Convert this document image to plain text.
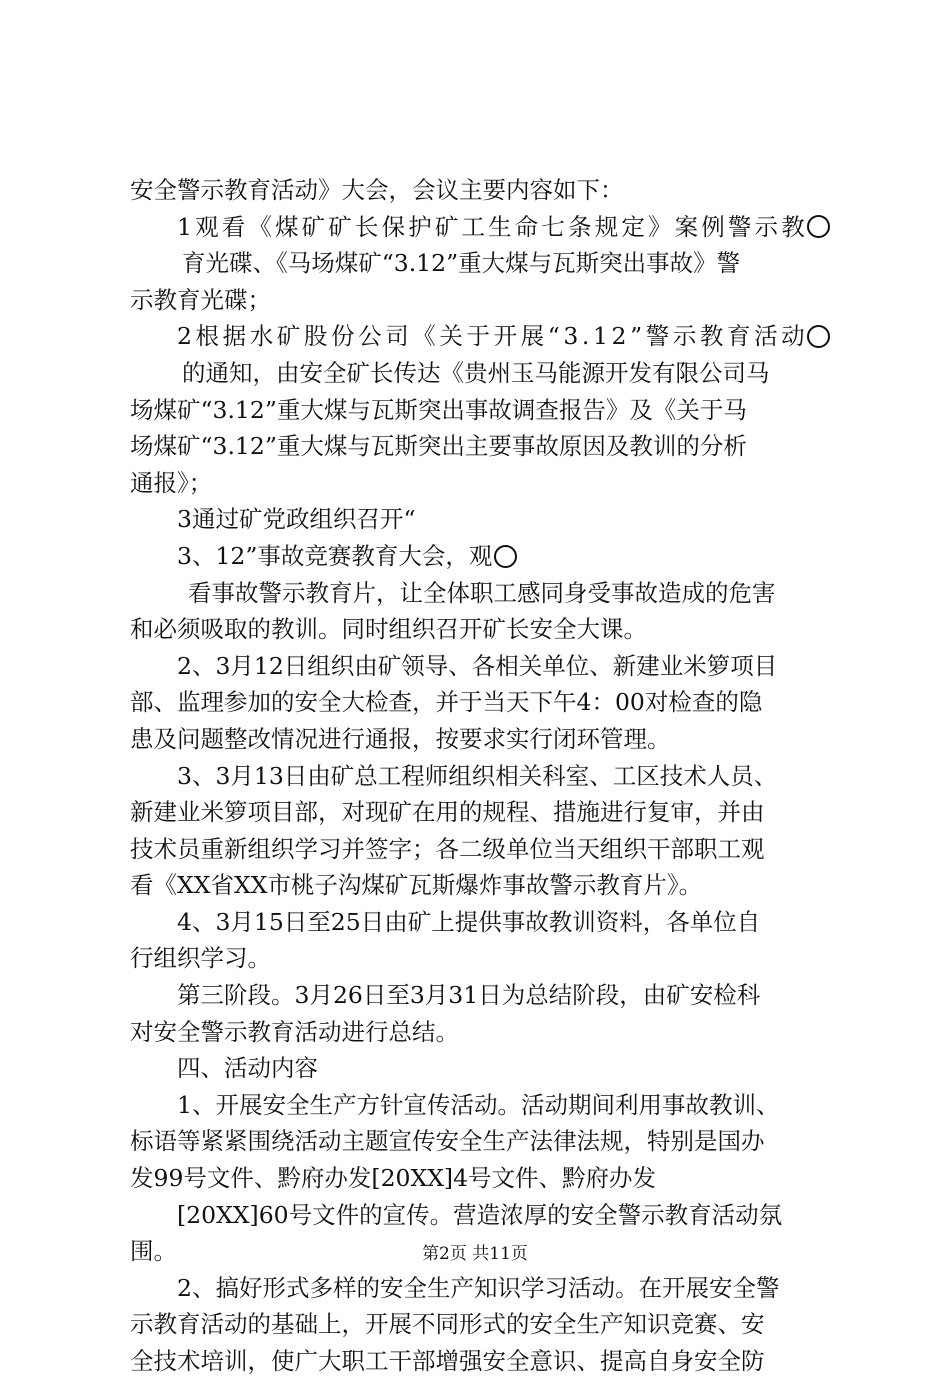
安全警示教育活动》大会，会议主要内容如下：
1 观 看 《 煤 矿 矿 长 保 护 矿 工 生 命 七 条 规 定 》 案 例 警 示 教
育光碟、《马场煤矿“3.12”重大煤与瓦斯突出事故》警
示教育光碟；
2 根 据 水 矿 股 份 公 司 《 关 于 开 展 “ 3 . 1 2 ” 警 示 教 育 活 动
的通知，由安全矿长传达《贵州玉马能源开发有限公司马
场煤矿“3.12”重大煤与瓦斯突出事故调查报告》及《关于马
场煤矿“3.12”重大煤与瓦斯突出主要事故原因及教训的分析
通报》；
3通过矿党政组织召开“
3、12”事故竞赛教育大会，观
看事故警示教育片，让全体职工感同身受事故造成的危害
和必须吸取的教训。同时组织召开矿长安全大课。
2、3月12日组织由矿领导、各相关单位、新建业米箩项目
部、监理参加的安全大检查，并于当天下午4：00对检查的隐
患及问题整改情况进行通报，按要求实行闭环管理。
3、3月13日由矿总工程师组织相关科室、工区技术人员、
新建业米箩项目部，对现矿在用的规程、措施进行复审，并由
技术员重新组织学习并签字；各二级单位当天组织干部职工观
看《XX省XX市桃子沟煤矿瓦斯爆炸事故警示教育片》。
4、3月15日至25日由矿上提供事故教训资料，各单位自
行组织学习。
第三阶段。3月26日至3月31日为总结阶段，由矿安检科
对安全警示教育活动进行总结。
四、活动内容
1、开展安全生产方针宣传活动。活动期间利用事故教训、
标语等紧紧围绕活动主题宣传安全生产法律法规，特别是国办
发99号文件、黔府办发[20XX]4号文件、黔府办发
[20XX]60号文件的宣传。营造浓厚的安全警示教育活动氛
围。
2、搞好形式多样的安全生产知识学习活动。在开展安全警
示教育活动的基础上，开展不同形式的安全生产知识竞赛、安
全技术培训，使广大职工干部增强安全意识、提高自身安全防
第2页 共11页
